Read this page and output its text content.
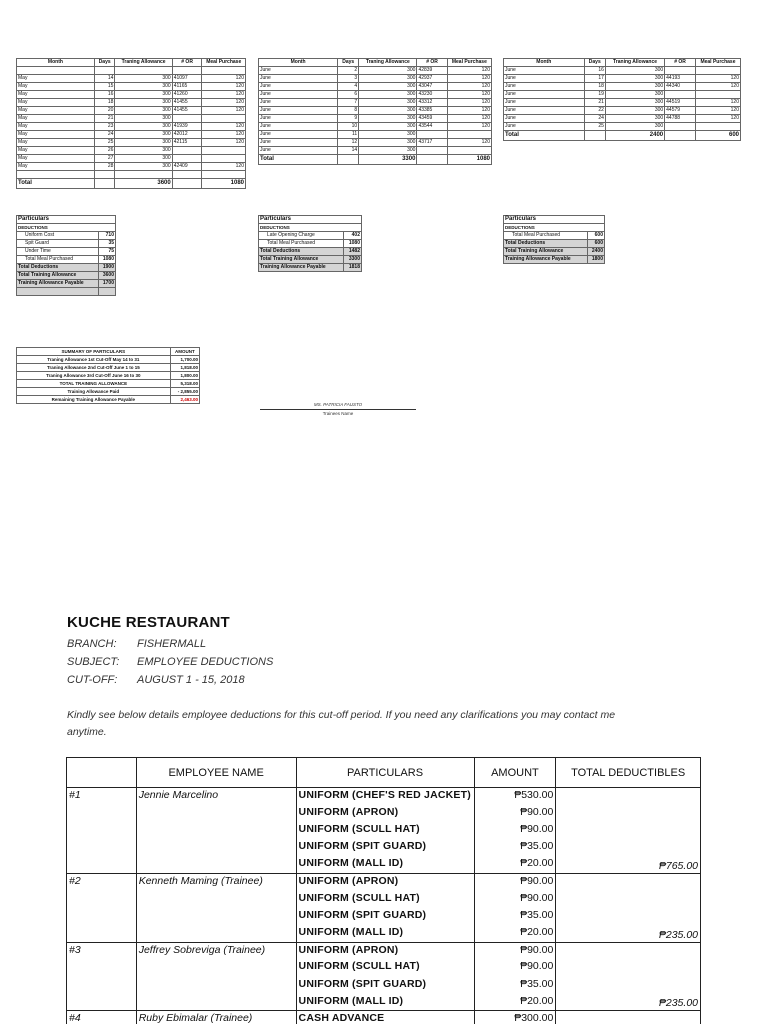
Month	Days	Traning Allowance	# OR	Meal Purchase

May	14	300	41097	120
May	15	300	41165	120
May	16	300	41260	120
May	18	300	41455	120
May	20	300	41455	120
May	21	300		
May	23	300	41939	120
May	24	300	42012	120
May	25	300	42115	120
May	26	300		
May	27	300		
May	28	300	42409	120

Total		3600		1080
Month	Days	Traning Allowance	# OR	Meal Purchase
June	2	300	42839	120
June	3	300	42937	120
June	4	300	43047	120
June	6	300	43230	120
June	7	300	43312	120
June	8	300	43385	120
June	9	300	43459	120
June	10	300	43544	120
June	11	300		
June	12	300	43717	120
June	14	300		
Total		3300		1080
Month	Days	Traning Allowance	# OR	Meal Purchase
June	16	300		
June	17	300	44193	120
June	18	300	44340	120
June	19	300		
June	21	300	44519	120
June	22	300	44579	120
June	24	300	44788	120
June	25	300		
Total		2400		600
Particulars	
DEDUCTIONS	
Uniform Cost	710
Spit Guard	35
Under Time	75
Total Meal Purchased	1080
Total Deductions	1900
Total Training Allowance	3600
Training Allowance Payable	1700

Particulars	
DEDUCTIONS	
Late Opening Charge	402
Total Meal Purchased	1080
Total Deductions	1482
Total Training Allowance	3300
Training Allowance Payable	1818
Particulars	
DEDUCTIONS	
Total Meal Purchased	600
Total Deductions	600
Total Training Allowance	2400
Training Allowance Payable	1800
SUMMARY OF PARTICULARS	AMOUNT
Traning Allowance 1st Cut-Off May 14 to 31	1,700.00
Traning Allowance 2nd Cut-Off June 1 to 15	1,818.00
Traning Allowance 3rd Cut-Off June 16 to 30	1,800.00
TOTAL TRAINING ALLOWANCE	5,318.00
Training Allowance Paid	- 2,855.00
Remaining Training Allowance Payable	2,463.00
MS. PATRICIA FAUSTO
Trainees Name
KUCHE RESTAURANT
BRANCH: FISHERMALL
SUBJECT: EMPLOYEE DEDUCTIONS
CUT-OFF: AUGUST 1 - 15, 2018
Kindly see below details employee deductions for this cut-off period. If you need any clarifications you may contact me anytime.
	EMPLOYEE NAME	PARTICULARS	AMOUNT	TOTAL DEDUCTIBLES
#1	Jennie Marcelino	UNIFORM (CHEF'S RED JACKET)	₱530.00	
		UNIFORM (APRON)	₱90.00	
		UNIFORM (SCULL HAT)	₱90.00	
		UNIFORM (SPIT GUARD)	₱35.00	
		UNIFORM (MALL ID)	₱20.00	₱765.00
#2	Kenneth Maming (Trainee)	UNIFORM (APRON)	₱90.00	
		UNIFORM (SCULL HAT)	₱90.00	
		UNIFORM (SPIT GUARD)	₱35.00	
		UNIFORM (MALL ID)	₱20.00	₱235.00
#3	Jeffrey Sobreviga (Trainee)	UNIFORM (APRON)	₱90.00	
		UNIFORM (SCULL HAT)	₱90.00	
		UNIFORM (SPIT GUARD)	₱35.00	
		UNIFORM (MALL ID)	₱20.00	₱235.00
#4	Ruby Ebimalar (Trainee)	CASH ADVANCE	₱300.00	
